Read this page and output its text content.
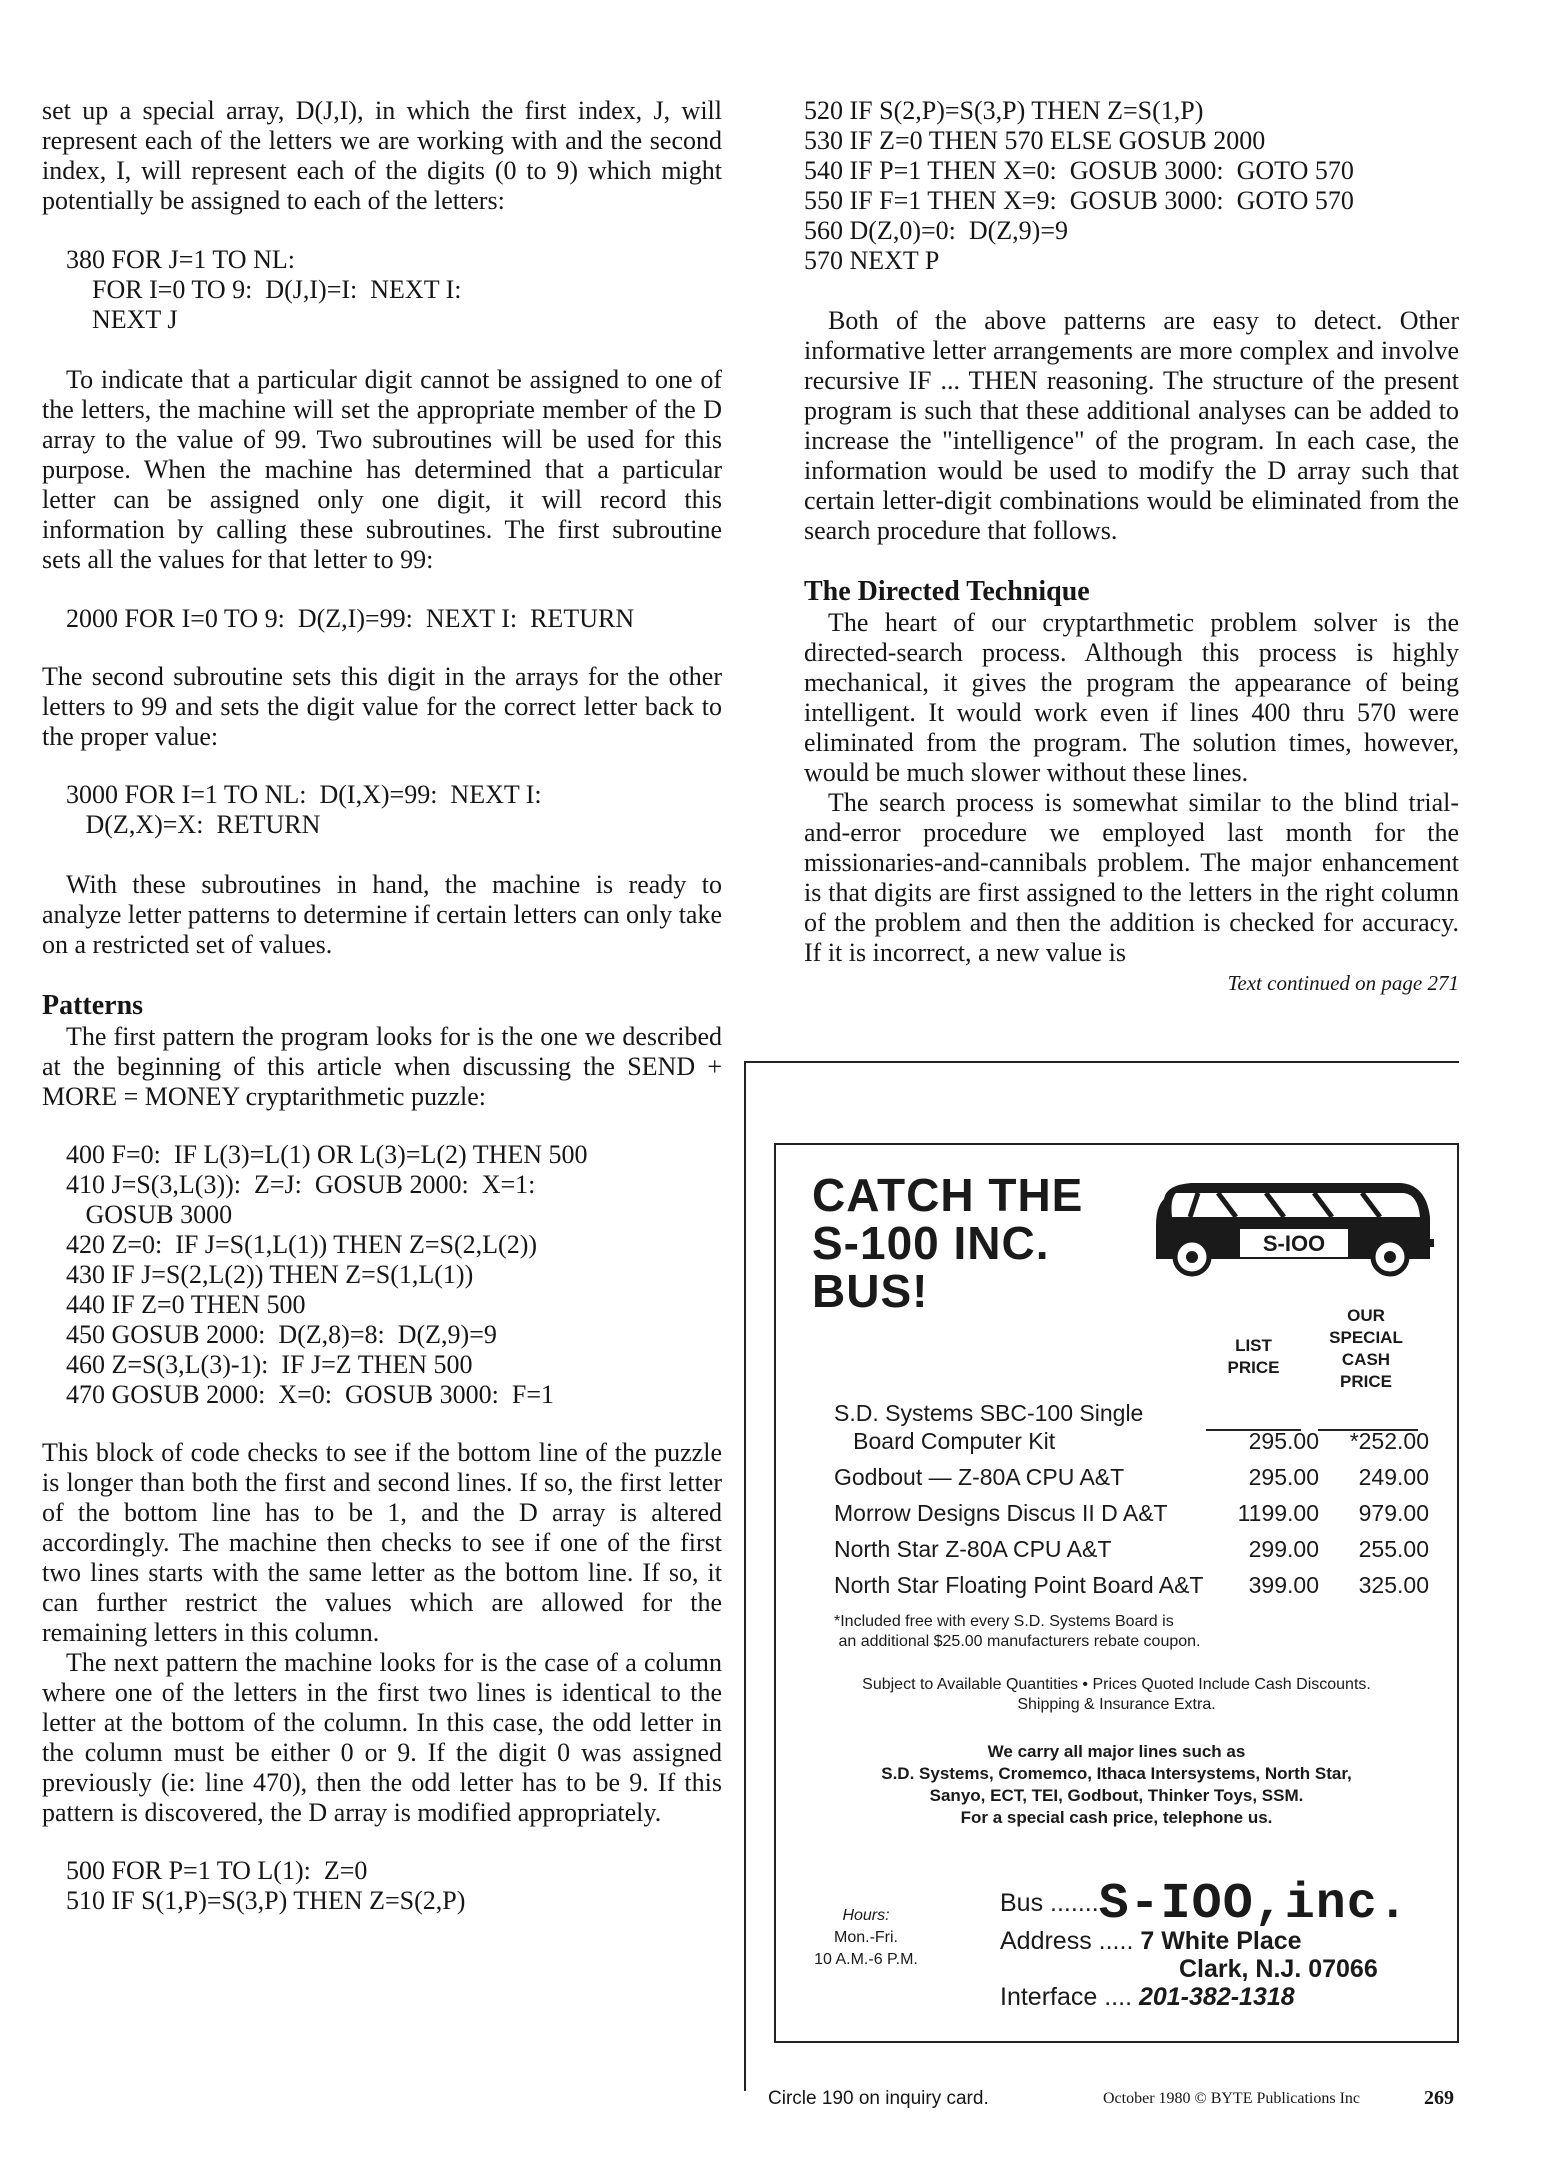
set up a special array, D(J,I), in which the first index, J, will represent each of the letters we are working with and the second index, I, will represent each of the digits (0 to 9) which might potentially be assigned to each of the letters:

380 FOR J=1 TO NL:
FOR I=0 TO 9:  D(J,I)=I:  NEXT I:
NEXT J

To indicate that a particular digit cannot be assigned to one of the letters, the machine will set the appropriate member of the D array to the value of 99. Two subroutines will be used for this purpose. When the machine has determined that a particular letter can be assigned only one digit, it will record this information by calling these subroutines. The first subroutine sets all the values for that letter to 99:

2000 FOR I=0 TO 9:  D(Z,I)=99:  NEXT I:  RETURN

The second subroutine sets this digit in the arrays for the other letters to 99 and sets the digit value for the correct letter back to the proper value:

3000 FOR I=1 TO NL:  D(I,X)=99:  NEXT I:
D(Z,X)=X:  RETURN

With these subroutines in hand, the machine is ready to analyze letter patterns to determine if certain letters can only take on a restricted set of values.

Patterns

The first pattern the program looks for is the one we described at the beginning of this article when discussing the SEND + MORE = MONEY cryptarithmetic puzzle:

400 F=0:  IF L(3)=L(1) OR L(3)=L(2) THEN 500
410 J=S(3,L(3)):  Z=J:  GOSUB 2000:  X=1:
GOSUB 3000
420 Z=0:  IF J=S(1,L(1)) THEN Z=S(2,L(2))
430 IF J=S(2,L(2)) THEN Z=S(1,L(1))
440 IF Z=0 THEN 500
450 GOSUB 2000:  D(Z,8)=8:  D(Z,9)=9
460 Z=S(3,L(3)-1):  IF J=Z THEN 500
470 GOSUB 2000:  X=0:  GOSUB 3000:  F=1

This block of code checks to see if the bottom line of the puzzle is longer than both the first and second lines. If so, the first letter of the bottom line has to be 1, and the D array is altered accordingly. The machine then checks to see if one of the first two lines starts with the same letter as the bottom line. If so, it can further restrict the values which are allowed for the remaining letters in this column.

The next pattern the machine looks for is the case of a column where one of the letters in the first two lines is identical to the letter at the bottom of the column. In this case, the odd letter in the column must be either 0 or 9. If the digit 0 was assigned previously (ie: line 470), then the odd letter has to be 9. If this pattern is discovered, the D array is modified appropriately.

500 FOR P=1 TO L(1):  Z=0
510 IF S(1,P)=S(3,P) THEN Z=S(2,P)
520 IF S(2,P)=S(3,P) THEN Z=S(1,P)
530 IF Z=0 THEN 570 ELSE GOSUB 2000
540 IF P=1 THEN X=0:  GOSUB 3000:  GOTO 570
550 IF F=1 THEN X=9:  GOSUB 3000:  GOTO 570
560 D(Z,0)=0:  D(Z,9)=9
570 NEXT P

Both of the above patterns are easy to detect. Other informative letter arrangements are more complex and involve recursive IF ... THEN reasoning. The structure of the present program is such that these additional analyses can be added to increase the "intelligence" of the program. In each case, the information would be used to modify the D array such that certain letter-digit combinations would be eliminated from the search procedure that follows.

The Directed Technique

The heart of our cryptarthmetic problem solver is the directed-search process. Although this process is highly mechanical, it gives the program the appearance of being intelligent. It would work even if lines 400 thru 570 were eliminated from the program. The solution times, however, would be much slower without these lines.

The search process is somewhat similar to the blind trial-and-error procedure we employed last month for the missionaries-and-cannibals problem. The major enhancement is that digits are first assigned to the letters in the right column of the problem and then the addition is checked for accuracy. If it is incorrect, a new value is

Text continued on page 271
CATCH THE
S-100 INC.
BUS!
S-IOO
LIST
PRICE
OUR
SPECIAL
CASH
PRICE
S.D. Systems SBC-100 Single
Board Computer Kit	295.00	*252.00
Godbout — Z-80A CPU A&T	295.00	249.00
Morrow Designs Discus II D A&T	1199.00	979.00
North Star Z-80A CPU A&T	299.00	255.00
North Star Floating Point Board A&T	399.00	325.00
*Included free with every S.D. Systems Board is
an additional $25.00 manufacturers rebate coupon.
Subject to Available Quantities • Prices Quoted Include Cash Discounts.
Shipping & Insurance Extra.
We carry all major lines such as
S.D. Systems, Cromemco, Ithaca Intersystems, North Star,
Sanyo, ECT, TEI, Godbout, Thinker Toys, SSM.
For a special cash price, telephone us.
Hours:
Mon.-Fri.
10 A.M.-6 P.M.
Bus .......S-IOO,inc.
Address ..... 7 White Place
Clark, N.J. 07066
Interface .... 201-382-1318
Circle 190 on inquiry card.	October 1980 © BYTE Publications Inc	269
